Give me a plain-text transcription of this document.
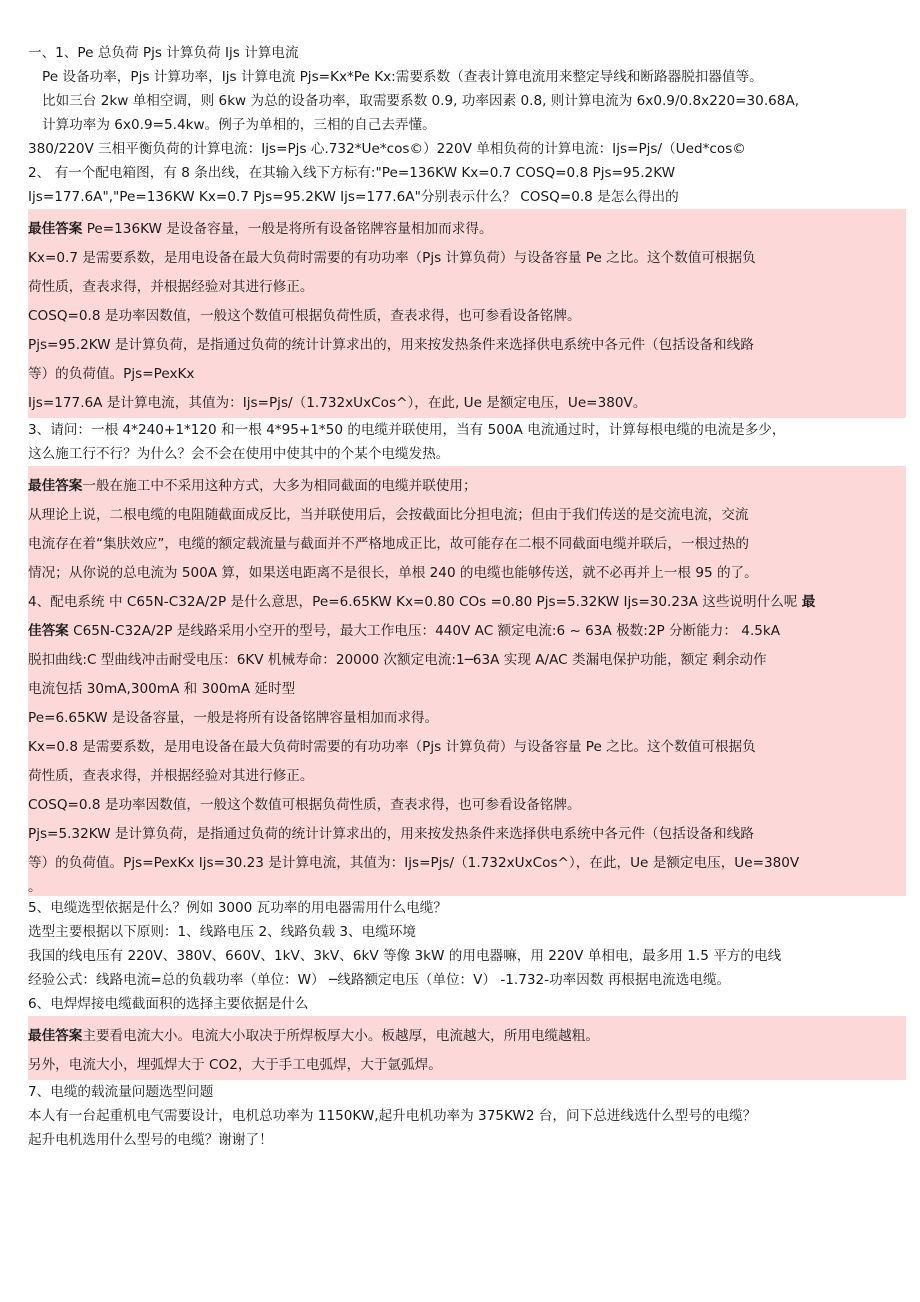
一、1、Pe 总负荷 Pjs 计算负荷 Ijs 计算电流
Pe 设备功率，Pjs 计算功率，Ijs 计算电流 Pjs=Kx*Pe Kx:需要系数（查表计算电流用来整定导线和断路器脱扣器值等。
比如三台 2kw 单相空调，则 6kw 为总的设备功率，取需要系数 0.9, 功率因素 0.8, 则计算电流为 6x0.9/0.8x220=30.68A,
计算功率为 6x0.9=5.4kw。例子为单相的，三相的自己去弄懂。
380/220V 三相平衡负荷的计算电流：Ijs=Pjs 心.732*Ue*cos©）220V 单相负荷的计算电流：Ijs=Pjs/（Ued*cos©
2、 有一个配电箱图，有 8 条出线，在其输入线下方标有:"Pe=136KW Kx=0.7 COSQ=0.8 Pjs=95.2KW
Ijs=177.6A","Pe=136KW Kx=0.7 Pjs=95.2KW Ijs=177.6A"分别表示什么？ COSQ=0.8 是怎么得出的
最佳答案 Pe=136KW 是设备容量，一般是将所有设备铭牌容量相加而求得。
Kx=0.7 是需要系数，是用电设备在最大负荷时需要的有功功率（Pjs 计算负荷）与设备容量 Pe 之比。这个数值可根据负
荷性质，查表求得，并根据经验对其进行修正。
COSQ=0.8 是功率因数值，一般这个数值可根据负荷性质，查表求得，也可参看设备铭牌。
Pjs=95.2KW 是计算负荷，是指通过负荷的统计计算求出的，用来按发热条件来选择供电系统中各元件（包括设备和线路
等）的负荷值。Pjs=PexKx
Ijs=177.6A 是计算电流，其值为：Ijs=Pjs/（1.732xUxCos^），在此, Ue 是额定电压，Ue=380V。
3、请问：一根 4*240+1*120 和一根 4*95+1*50 的电缆并联使用，当有 500A 电流通过时，计算每根电缆的电流是多少，
这么施工行不行？为什么？会不会在使用中使其中的个某个电缆发热。
最佳答案一般在施工中不采用这种方式，大多为相同截面的电缆并联使用；
从理论上说，二根电缆的电阻随截面成反比，当并联使用后，会按截面比分担电流；但由于我们传送的是交流电流，交流
电流存在着“集肤效应”，电缆的额定载流量与截面并不严格地成正比，故可能存在二根不同截面电缆并联后，一根过热的
情况；从你说的总电流为 500A 算，如果送电距离不是很长，单根 240 的电缆也能够传送，就不必再并上一根 95 的了。
4、配电系统 中 C65N-C32A/2P 是什么意思，Pe=6.65KW Kx=0.80 COs =0.80 Pjs=5.32KW Ijs=30.23A 这些说明什么呢 最
佳答案 C65N-C32A/2P 是线路采用小空开的型号，最大工作电压：440V AC 额定电流:6 ~ 63A 极数:2P 分断能力： 4.5kA
脱扣曲线:C 型曲线冲击耐受电压：6KV 机械寿命：20000 次额定电流:1─63A 实现 A/AC 类漏电保护功能，额定 剩余动作
电流包括 30mA,300mA 和 300mA 延时型
Pe=6.65KW 是设备容量，一般是将所有设备铭牌容量相加而求得。
Kx=0.8 是需要系数，是用电设备在最大负荷时需要的有功功率（Pjs 计算负荷）与设备容量 Pe 之比。这个数值可根据负
荷性质，查表求得，并根据经验对其进行修正。
COSQ=0.8 是功率因数值，一般这个数值可根据负荷性质，查表求得，也可参看设备铭牌。
Pjs=5.32KW 是计算负荷，是指通过负荷的统计计算求出的，用来按发热条件来选择供电系统中各元件（包括设备和线路
等）的负荷值。Pjs=PexKx Ijs=30.23 是计算电流，其值为：Ijs=Pjs/（1.732xUxCos^），在此，Ue 是额定电压，Ue=380V
。
5、电缆选型依据是什么？例如 3000 瓦功率的用电器需用什么电缆？
选型主要根据以下原则：1、线路电压 2、线路负载 3、电缆环境
我国的线电压有 220V、380V、660V、1kV、3kV、6kV 等像 3kW 的用电器嘛，用 220V 单相电，最多用 1.5 平方的电线
经验公式：线路电流=总的负载功率（单位：W） ─线路额定电压（单位：V） -1.732-功率因数 再根据电流选电缆。
6、电焊焊接电缆截面积的选择主要依据是什么
最佳答案主要看电流大小。电流大小取决于所焊板厚大小。板越厚，电流越大，所用电缆越粗。
另外，电流大小，埋弧焊大于 CO2，大于手工电弧焊，大于氩弧焊。
7、电缆的载流量问题选型问题
本人有一台起重机电气需要设计，电机总功率为 1150KW,起升电机功率为 375KW2 台，问下总进线选什么型号的电缆？
起升电机选用什么型号的电缆？谢谢了！
